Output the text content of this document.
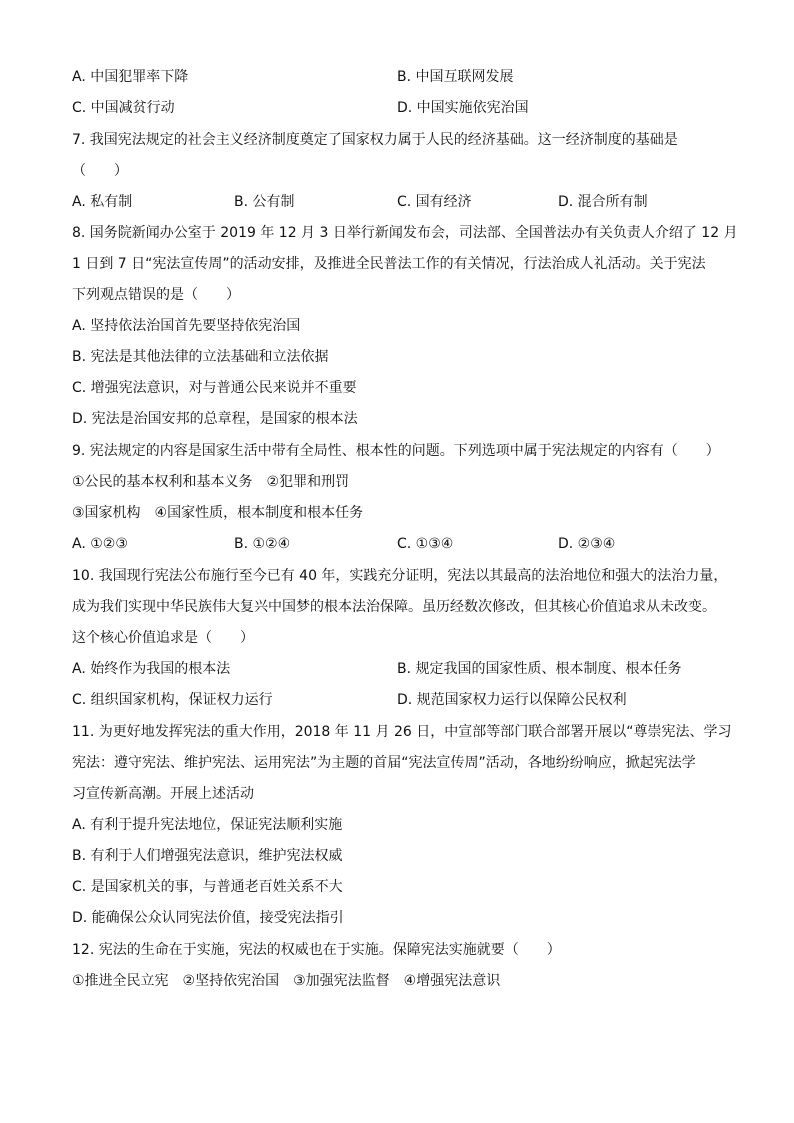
A. 中国犯罪率下降	B. 中国互联网发展
C. 中国减贫行动	D. 中国实施依宪治国
7. 我国宪法规定的社会主义经济制度奠定了国家权力属于人民的经济基础。这一经济制度的基础是
（　　）
A. 私有制	B. 公有制	C. 国有经济	D. 混合所有制
8. 国务院新闻办公室于 2019 年 12 月 3 日举行新闻发布会，司法部、全国普法办有关负责人介绍了 12 月
1 日到 7 日“宪法宣传周”的活动安排，及推进全民普法工作的有关情况，行法治成人礼活动。关于宪法
下列观点错误的是（　　）
A. 坚持依法治国首先要坚持依宪治国
B. 宪法是其他法律的立法基础和立法依据
C. 增强宪法意识，对与普通公民来说并不重要
D. 宪法是治国安邦的总章程，是国家的根本法
9. 宪法规定的内容是国家生活中带有全局性、根本性的问题。下列选项中属于宪法规定的内容有（　　）
①公民的基本权利和基本义务　②犯罪和刑罚
③国家机构　④国家性质，根本制度和根本任务
A. ①②③	B. ①②④	C. ①③④	D. ②③④
10. 我国现行宪法公布施行至今已有 40 年，实践充分证明，宪法以其最高的法治地位和强大的法治力量，
成为我们实现中华民族伟大复兴中国梦的根本法治保障。虽历经数次修改，但其核心价值追求从未改变。
这个核心价值追求是（　　）
A. 始终作为我国的根本法	B. 规定我国的国家性质、根本制度、根本任务
C. 组织国家机构，保证权力运行	D. 规范国家权力运行以保障公民权利
11. 为更好地发挥宪法的重大作用，2018 年 11 月 26 日，中宣部等部门联合部署开展以“尊崇宪法、学习
宪法：遵守宪法、维护宪法、运用宪法”为主题的首届“宪法宣传周”活动，各地纷纷响应，掀起宪法学
习宣传新高潮。开展上述活动
A. 有利于提升宪法地位，保证宪法顺利实施
B. 有利于人们增强宪法意识，维护宪法权威
C. 是国家机关的事，与普通老百姓关系不大
D. 能确保公众认同宪法价值，接受宪法指引
12. 宪法的生命在于实施，宪法的权威也在于实施。保障宪法实施就要（　　）
①推进全民立宪　②坚持依宪治国　③加强宪法监督　④增强宪法意识
